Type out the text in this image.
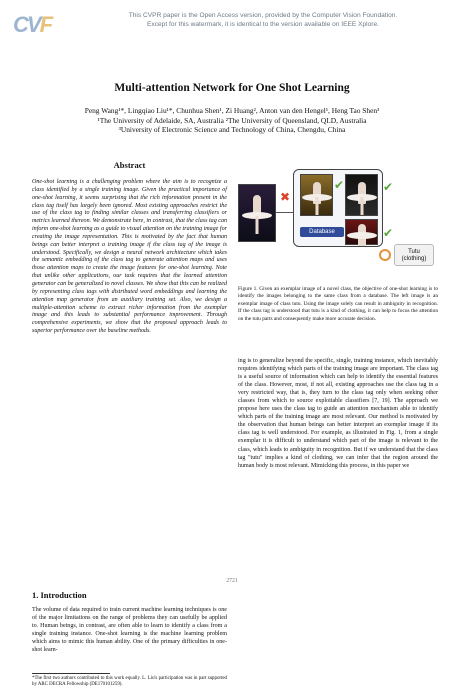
CVF	This CVPR paper is the Open Access version, provided by the Computer Vision Foundation.
Except for this watermark, it is identical to the version available on IEEE Xplore.
Multi-attention Network for One Shot Learning
Peng Wang¹*, Lingqiao Liu¹*, Chunhua Shen¹, Zi Huang², Anton van den Hengel¹, Heng Tao Shen³
¹The University of Adelaide, SA, Australia ²The University of Queensland, QLD, Australia
³University of Electronic Science and Technology of China, Chengdu, China
Abstract
One-shot learning is a challenging problem where the aim is to recognize a class identified by a single training image. Given the practical importance of one-shot learning, it seems surprising that the rich information present in the class tag itself has largely been ignored. Most existing approaches restrict the use of the class tag to finding similar classes and transferring classifiers or metrics learned thereon. We demonstrate here, in contrast, that the class tag can inform one-shot learning as a guide to visual attention on the training image for creating the image representation. This is motivated by the fact that human beings can better interpret a training image if the class tag of the image is understood. Specifically, we design a neural network architecture which takes the semantic embedding of the class tag to generate attention maps and uses those attention maps to create the image features for one-shot learning. Note that unlike other applications, our task requires that the learned attention generator can be generalized to novel classes. We show that this can be realized by representing class tags with distributed word embeddings and learning the attention map generator from an auxiliary training set. Also, we design a multiple-attention scheme to extract richer information from the exemplar image and this leads to substantial performance improvement. Through comprehensive experiments, we show that the proposed approach leads to superior performance over the baseline methods.
1. Introduction
The volume of data required to train current machine learning techniques is one of the major limitations on the range of problems they can usefully be applied to. Human beings, in contrast, are often able to learn to identify a class from a single training instance. One-shot learning is the machine learning problem which aims to mimic this human ability. One of the primary difficulties in one-shot learn-
*The first two authors contributed to this work equally. L. Liu's participation was in part supported by ARC DECRA Fellowship (DE170101259).
✔
✖
✔
✔
Database
Tutu
(clothing)
Figure 1. Given an exemplar image of a novel class, the objective of one-shot learning is to identify the images belonging to the same class from a database. The left image is an exemplar image of class tutu. Using the image solely can result in ambiguity in recognition. If the class tag is understood that tutu is a kind of clothing, it can help to focus the attention on the tutu parts and consequently make more accurate decision.
ing is to generalize beyond the specific, single, training instance, which inevitably requires identifying which parts of the training image are important. The class tag is a useful source of information which can help to identify the essential features of the class. However, most, if not all, existing approaches use the class tag in a very restricted way, that is, they turn to the class tag only when seeking other classes from which to source exploitable classifiers [7, 19]. The approach we propose here uses the class tag to guide an attention mechanism able to identify which parts of the training image are most relevant. Our method is motivated by the observation that human beings can better interpret an exemplar image if its class tag is well understood. For example, as illustrated in Fig. 1, from a single exemplar it is difficult to understand which part of the image is relevant to the class, which leads to ambiguity in recognition. But if we understand that the class tag "tutu" implies a kind of clothing, we can infer that the region around the human body is most relevant. Mimicking this process, in this paper we
2721
